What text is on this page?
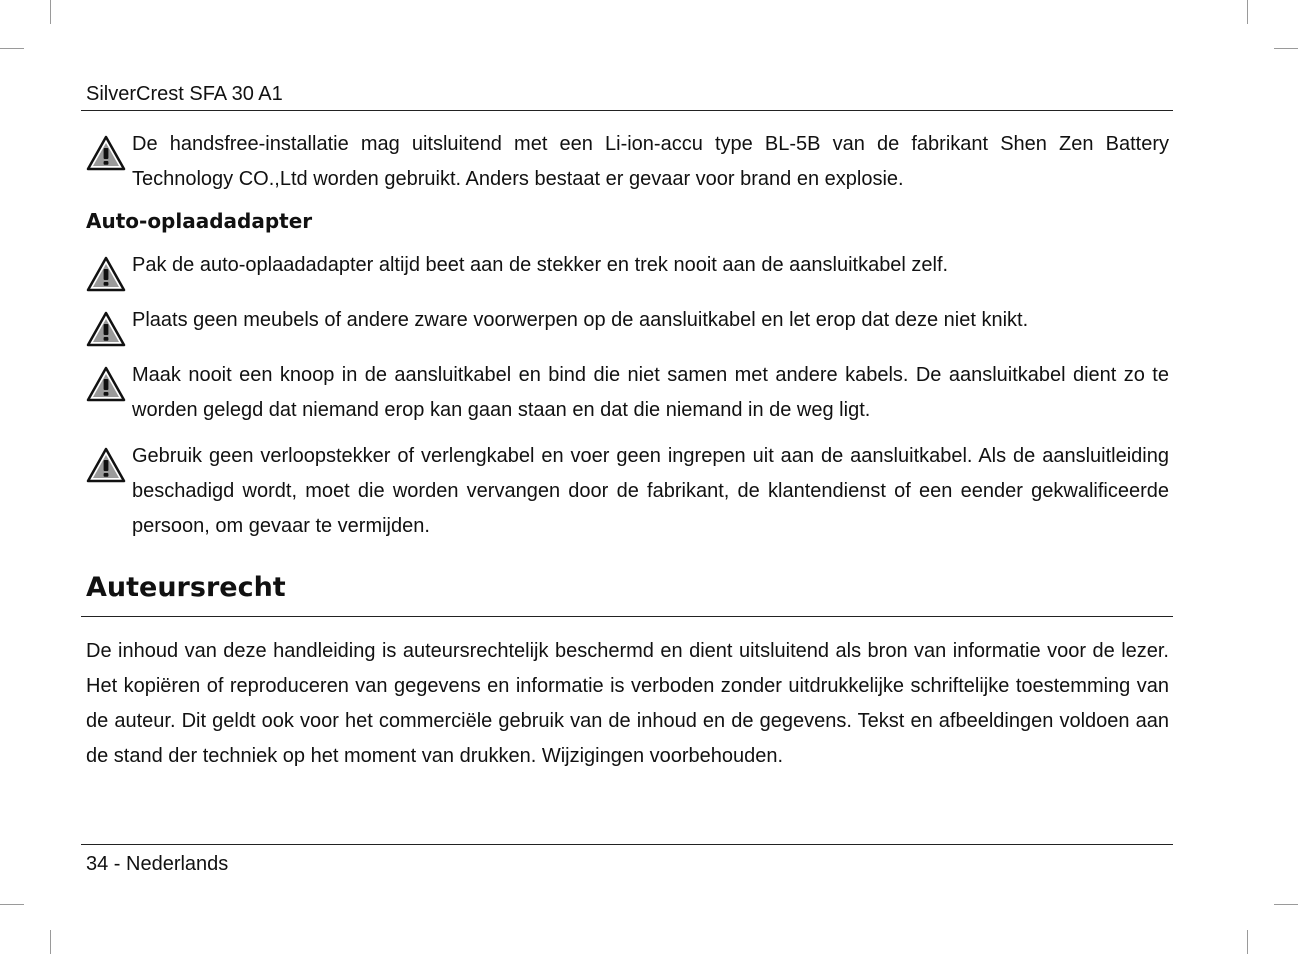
SilverCrest SFA 30 A1
De handsfree-installatie mag uitsluitend met een Li-ion-accu type BL-5B van de fabrikant Shen Zen Battery Technology CO.,Ltd worden gebruikt. Anders bestaat er gevaar voor brand en explosie.
Auto-oplaadadapter
Pak de auto-oplaadadapter altijd beet aan de stekker en trek nooit aan de aansluitkabel zelf.
Plaats geen meubels of andere zware voorwerpen op de aansluitkabel en let erop dat deze niet knikt.
Maak nooit een knoop in de aansluitkabel en bind die niet samen met andere kabels. De aansluitkabel dient zo te worden gelegd dat niemand erop kan gaan staan en dat die niemand in de weg ligt.
Gebruik geen verloopstekker of verlengkabel en voer geen ingrepen uit aan de aansluitkabel. Als de aansluitleiding beschadigd wordt, moet die worden vervangen door de fabrikant, de klantendienst of een eender gekwalificeerde persoon, om gevaar te vermijden.
Auteursrecht
De inhoud van deze handleiding is auteursrechtelijk beschermd en dient uitsluitend als bron van informatie voor de lezer. Het kopiëren of reproduceren van gegevens en informatie is verboden zonder uitdrukkelijke schriftelijke toestemming van de auteur. Dit geldt ook voor het commerciële gebruik van de inhoud en de gegevens. Tekst en afbeeldingen voldoen aan de stand der techniek op het moment van drukken. Wijzigingen voorbehouden.
34 - Nederlands
